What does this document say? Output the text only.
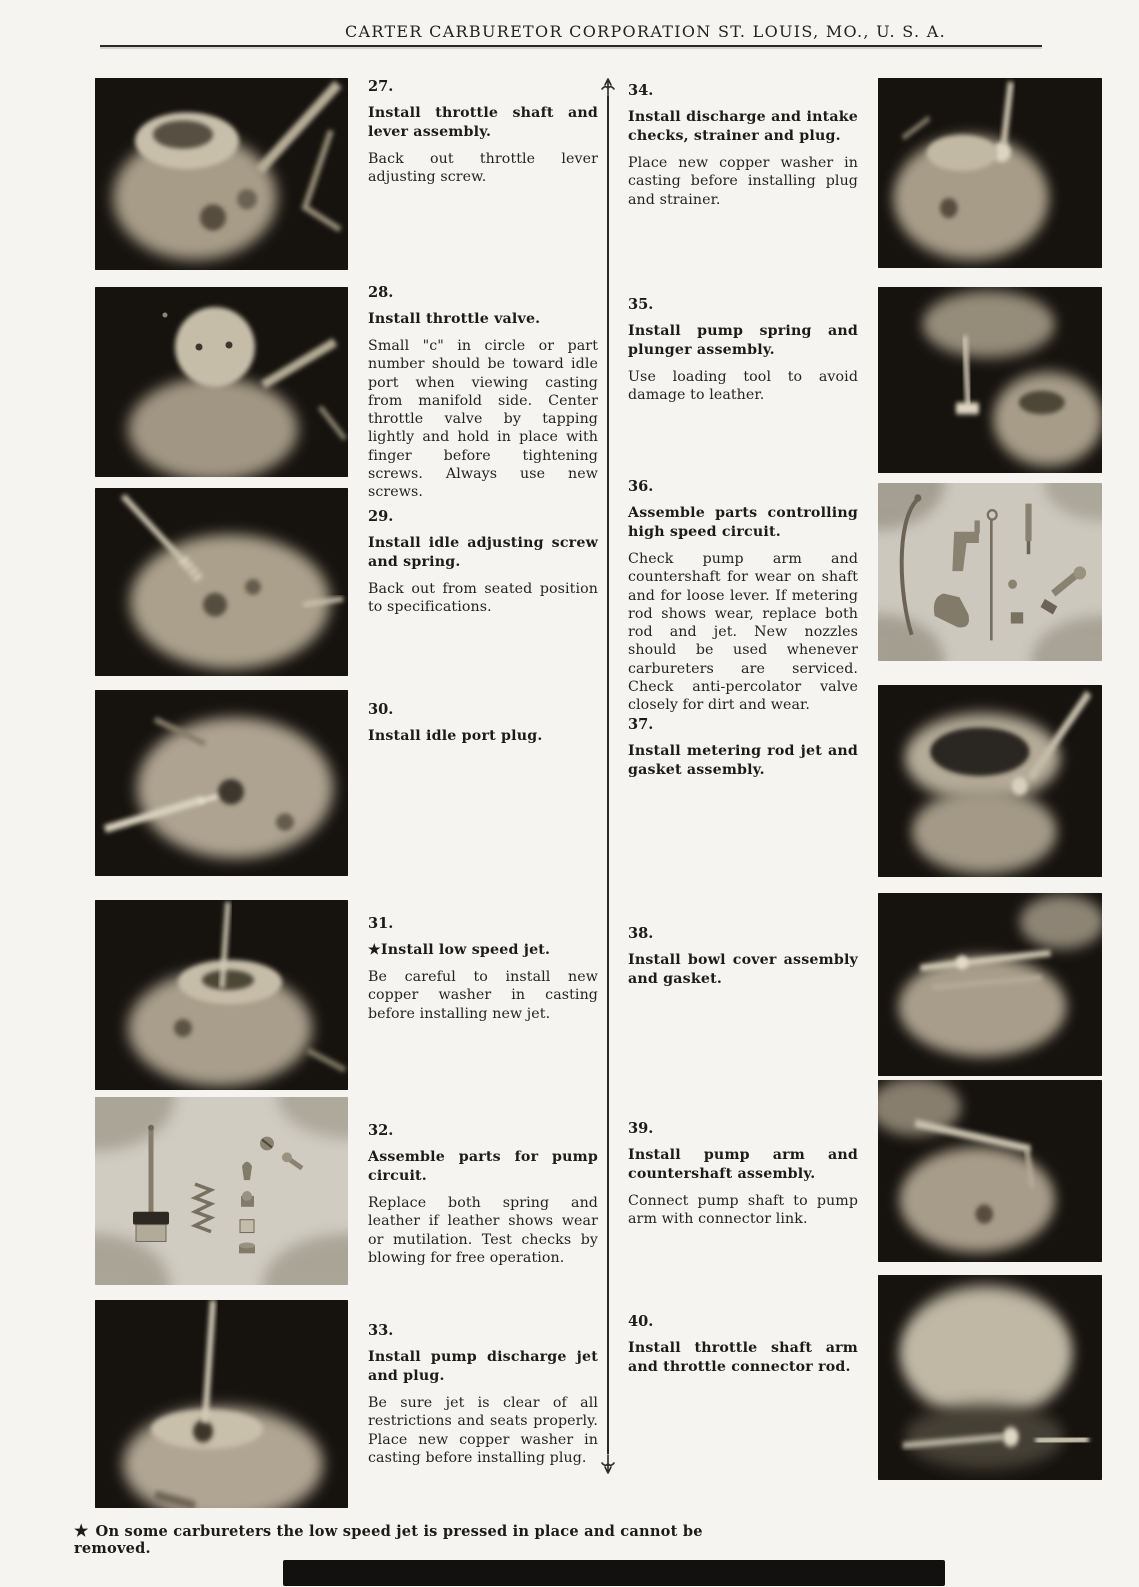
CARTER CARBURETOR CORPORATION ST. LOUIS, MO., U. S. A.
27.
Install throttle shaft and lever assembly.

Back out throttle lever adjusting screw.

28.
Install throttle valve.

Small "c" in circle or part number should be toward idle port when viewing casting from manifold side. Center throttle valve by tapping lightly and hold in place with finger before tightening screws. Always use new screws.

29.
Install idle adjusting screw and spring.

Back out from seated position to specifications.

30.
Install idle port plug.
31.
★Install low speed jet.

Be careful to install new copper washer in casting before installing new jet.

32.
Assemble parts for pump circuit.

Replace both spring and leather if leather shows wear or mutilation. Test checks by blowing for free operation.

33.
Install pump discharge jet and plug.

Be sure jet is clear of all restrictions and seats properly. Place new copper washer in casting before installing plug.

34.
Install discharge and intake checks, strainer and plug.

Place new copper washer in casting before installing plug and strainer.

35.
Install pump spring and plunger assembly.

Use loading tool to avoid damage to leather.

36.
Assemble parts controlling high speed circuit.

Check pump arm and countershaft for wear on shaft and for loose lever. If metering rod shows wear, replace both rod and jet. New nozzles should be used whenever carbureters are serviced. Check anti-percolator valve closely for dirt and wear.

37.
Install metering rod jet and gasket assembly.
38.
Install bowl cover assembly and gasket.
39.
Install pump arm and countershaft assembly.

Connect pump shaft to pump arm with connector link.

40.
Install throttle shaft arm and throttle connector rod.
★ On some carbureters the low speed jet is pressed in place and cannot be removed.
